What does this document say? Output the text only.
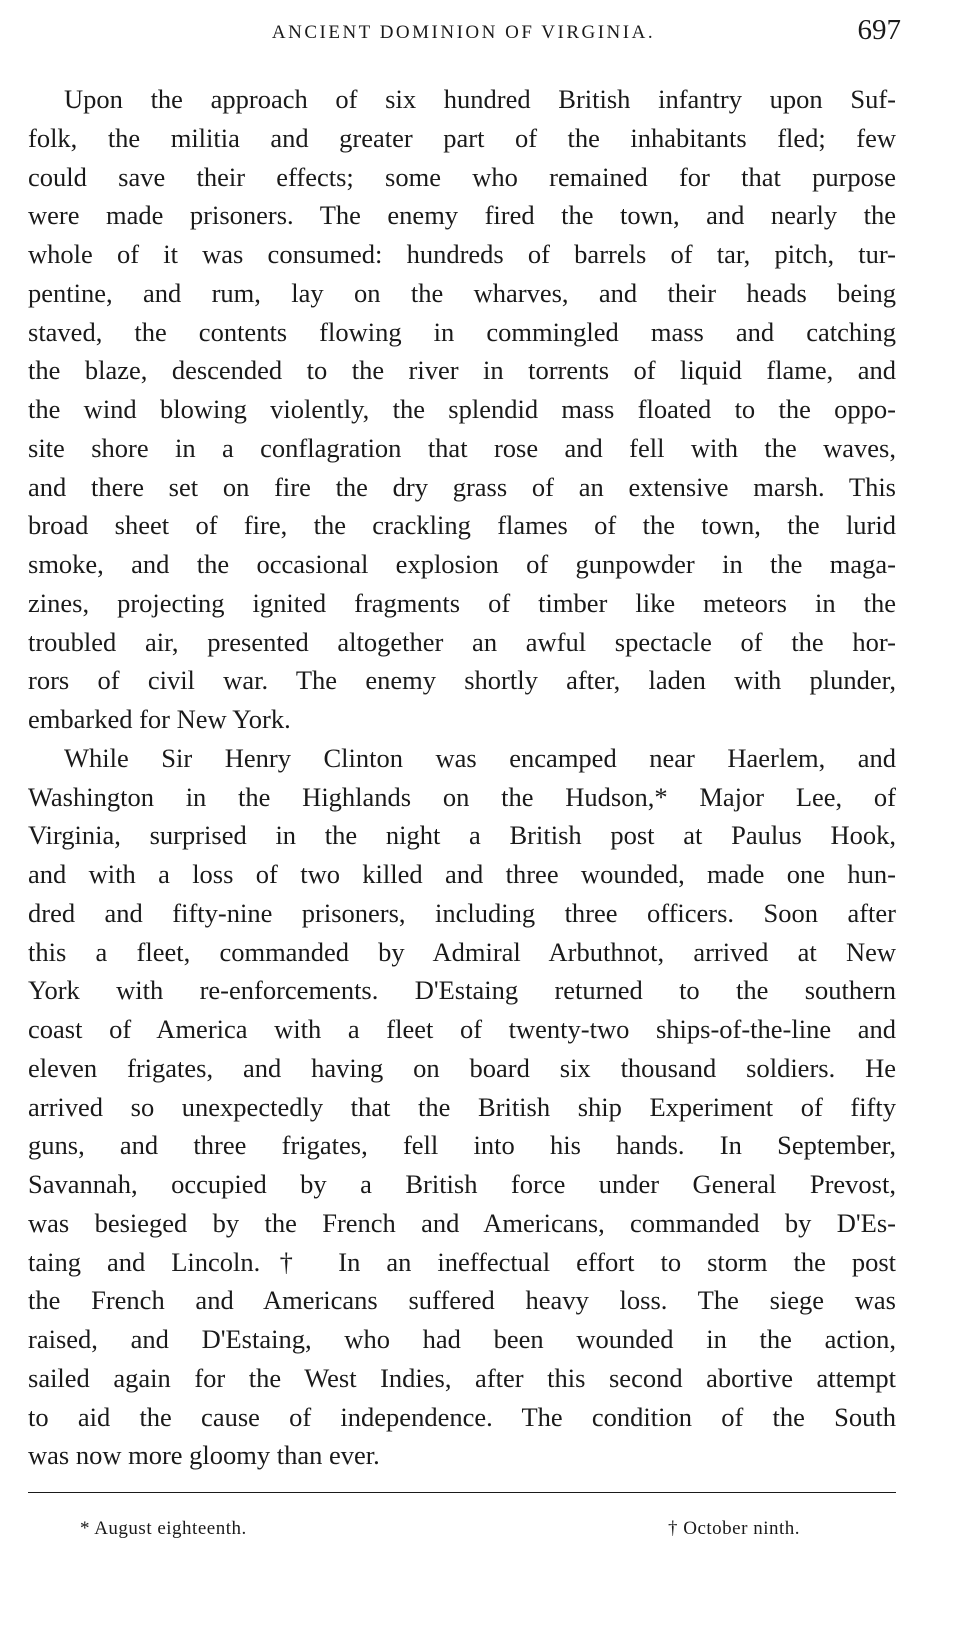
ANCIENT DOMINION OF VIRGINIA.	697
Upon the approach of six hundred British infantry upon Suf-
folk, the militia and greater part of the inhabitants fled; few
could save their effects; some who remained for that purpose
were made prisoners. The enemy fired the town, and nearly the
whole of it was consumed: hundreds of barrels of tar, pitch, tur-
pentine, and rum, lay on the wharves, and their heads being
staved, the contents flowing in commingled mass and catching
the blaze, descended to the river in torrents of liquid flame, and
the wind blowing violently, the splendid mass floated to the oppo-
site shore in a conflagration that rose and fell with the waves,
and there set on fire the dry grass of an extensive marsh. This
broad sheet of fire, the crackling flames of the town, the lurid
smoke, and the occasional explosion of gunpowder in the maga-
zines, projecting ignited fragments of timber like meteors in the
troubled air, presented altogether an awful spectacle of the hor-
rors of civil war. The enemy shortly after, laden with plunder,
embarked for New York.
While Sir Henry Clinton was encamped near Haerlem, and
Washington in the Highlands on the Hudson,* Major Lee, of
Virginia, surprised in the night a British post at Paulus Hook,
and with a loss of two killed and three wounded, made one hun-
dred and fifty-nine prisoners, including three officers. Soon after
this a fleet, commanded by Admiral Arbuthnot, arrived at New
York with re-enforcements. D'Estaing returned to the southern
coast of America with a fleet of twenty-two ships-of-the-line and
eleven frigates, and having on board six thousand soldiers. He
arrived so unexpectedly that the British ship Experiment of fifty
guns, and three frigates, fell into his hands. In September,
Savannah, occupied by a British force under General Prevost,
was besieged by the French and Americans, commanded by D'Es-
taing and Lincoln.† In an ineffectual effort to storm the post
the French and Americans suffered heavy loss. The siege was
raised, and D'Estaing, who had been wounded in the action,
sailed again for the West Indies, after this second abortive attempt
to aid the cause of independence. The condition of the South
was now more gloomy than ever.
* August eighteenth.	† October ninth.
